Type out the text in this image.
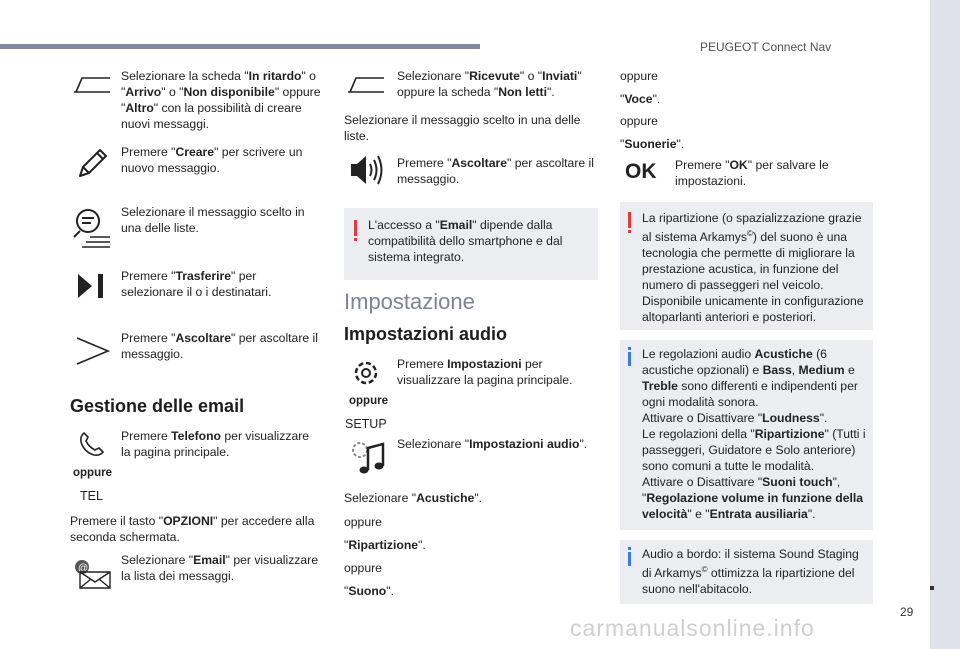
PEUGEOT Connect Nav
29
carmanualsonline.info
Selezionare la scheda "In ritardo" o "Arrivo" o "Non disponibile" oppure "Altro" con la possibilità di creare nuovi messaggi.
Premere "Creare" per scrivere un nuovo messaggio.
Selezionare il messaggio scelto in una delle liste.
Premere "Trasferire" per selezionare il o i destinatari.
Premere "Ascoltare" per ascoltare il messaggio.
Gestione delle email
oppure
TEL
Premere Telefono per visualizzare la pagina principale.
Premere il tasto "OPZIONI" per accedere alla seconda schermata.
@
Selezionare "Email" per visualizzare la lista dei messaggi.
Selezionare "Ricevute" o "Inviati" oppure la scheda "Non letti".
Selezionare il messaggio scelto in una delle liste.
Premere "Ascoltare" per ascoltare il messaggio.
L'accesso a "Email" dipende dalla compatibilità dello smartphone e dal sistema integrato.
Impostazione
Impostazioni audio
oppure
SETUP
Premere Impostazioni per visualizzare la pagina principale.
Selezionare "Impostazioni audio".
Selezionare "Acustiche".
oppure
"Ripartizione".
oppure
"Suono".
oppure
"Voce".
oppure
"Suonerie".
OK Premere "OK" per salvare le impostazioni.
La ripartizione (o spazializzazione grazie al sistema Arkamys©) del suono è una tecnologia che permette di migliorare la prestazione acustica, in funzione del numero di passeggeri nel veicolo. Disponibile unicamente in configurazione altoparlanti anteriori e posteriori.
Le regolazioni audio Acustiche (6 acustiche opzionali) e Bass, Medium e Treble sono differenti e indipendenti per ogni modalità sonora.
Attivare o Disattivare "Loudness".
Le regolazioni della "Ripartizione" (Tutti i passeggeri, Guidatore e Solo anteriore) sono comuni a tutte le modalità.
Attivare o Disattivare "Suoni touch", "Regolazione volume in funzione della velocità" e "Entrata ausiliaria".
Audio a bordo: il sistema Sound Staging di Arkamys© ottimizza la ripartizione del suono nell'abitacolo.
